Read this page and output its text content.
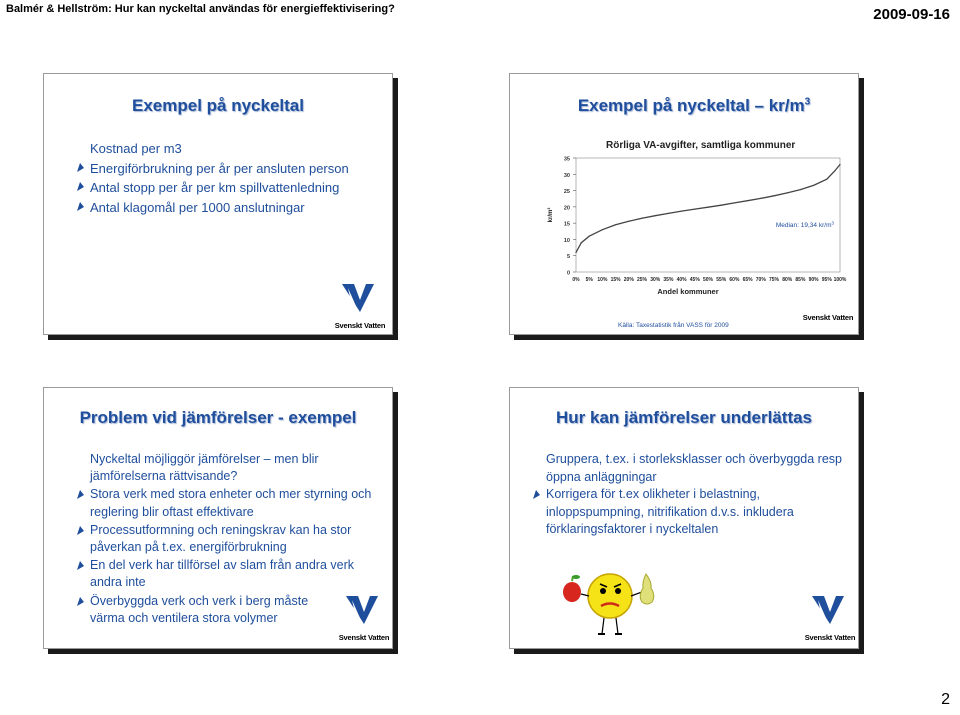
Balmér & Hellström: Hur kan nyckeltal användas för energieffektivisering?	2009-09-16
Exempel på nyckeltal
Kostnad per m3
Energiförbrukning per år per ansluten person
Antal stopp per år per km spillvattenledning
Antal klagomål per 1000 anslutningar
Svenskt Vatten
Exempel på nyckeltal – $kr/m^3$
Rörliga VA-avgifter, samtliga kommuner
0
5
10
15
20
25
30
35
0% 5% 10% 15% 20% 25% 30% 35% 40% 45% 50% 55% 60% 65% 70% 75% 80% 85% 90% 95% 100%
kr/m³
Andel kommuner
Median: 19,34 $kr/m^3$
Källa: Taxestatistik från VASS för 2009
Svenskt Vatten
Problem vid jämförelser - exempel
Nyckeltal möjliggör jämförelser – men blir jämförelserna rättvisande?
Stora verk med stora enheter och mer styrning och reglering blir oftast effektivare
Processutformning och reningskrav kan ha stor påverkan på t.ex. energiförbrukning
En del verk har tillförsel av slam från andra verk andra inte
Överbyggda verk och verk i berg måste värma och ventilera stora volymer
Svenskt Vatten
Hur kan jämförelser underlättas
Gruppera, t.ex. i storleksklasser och överbyggda resp öppna anläggningar
Korrigera för t.ex olikheter i belastning, inloppspumpning, nitrifikation d.v.s. inkludera förklaringsfaktorer i nyckeltalen
Svenskt Vatten
2
